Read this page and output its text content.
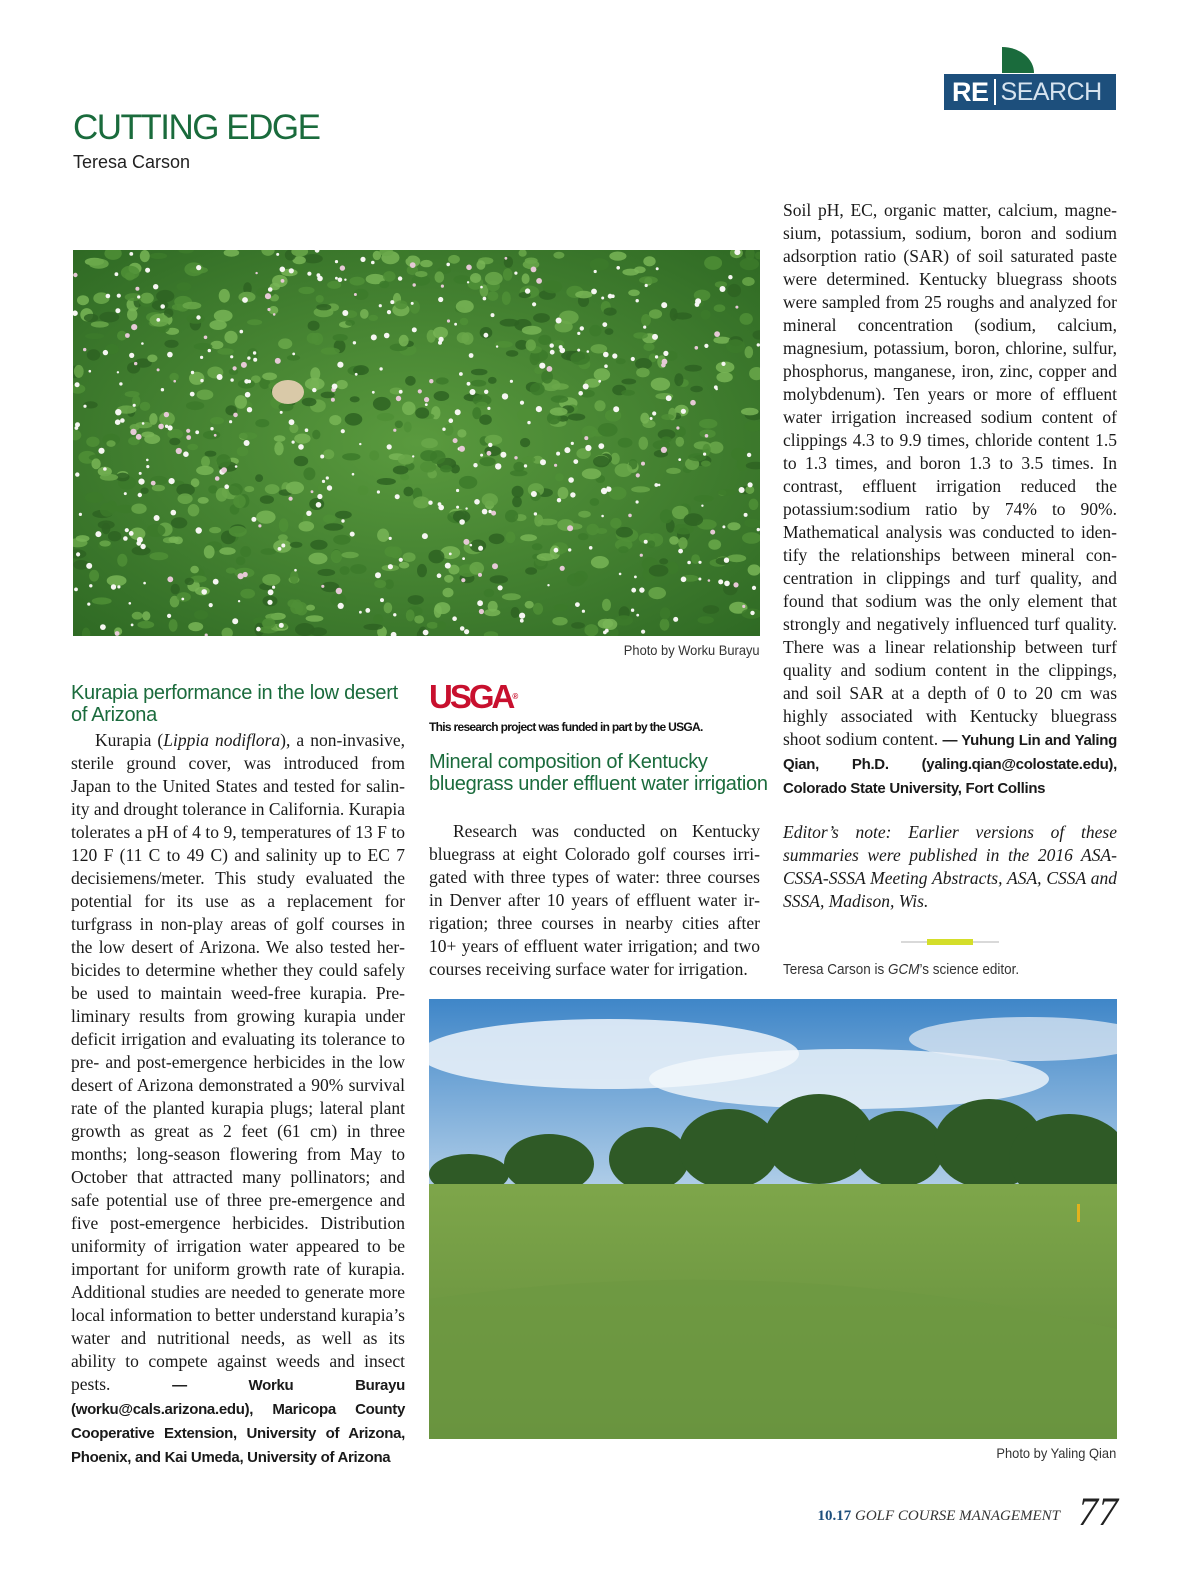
RE SEARCH
CUTTING EDGE
Teresa Carson
Photo by Worku Burayu
Kurapia performance in the low desert of Arizona
Kurapia (Lippia nodiflora), a non-invasive, sterile ground cover, was introduced from Japan to the United States and tested for salinity and drought tolerance in California. Kurapia tolerates a pH of 4 to 9, temperatures of 13 F to 120 F (11 C to 49 C) and salinity up to EC 7 decisiemens/meter. This study evaluated the potential for its use as a replacement for turfgrass in non-play areas of golf courses in the low desert of Arizona. We also tested herbicides to determine whether they could safely be used to maintain weed-free kurapia. Preliminary results from growing kurapia under deficit irrigation and evaluating its tolerance to pre- and post-emergence herbicides in the low desert of Arizona demonstrated a 90% survival rate of the planted kurapia plugs; lateral plant growth as great as 2 feet (61 cm) in three months; long-season flowering from May to October that attracted many pollinators; and safe potential use of three pre-emergence and five post-emergence herbicides. Distribution uniformity of irrigation water appeared to be important for uniform growth rate of kurapia. Additional studies are needed to generate more local information to better understand kurapia’s water and nutritional needs, as well as its ability to compete against weeds and insect pests. — Worku Burayu (worku@cals.arizona.edu), Maricopa County Cooperative Extension, University of Arizona, Phoenix, and Kai Umeda, University of Arizona
USGA®
This research project was funded in part by the USGA.
Mineral composition of Kentucky bluegrass under effluent water irrigation
Research was conducted on Kentucky bluegrass at eight Colorado golf courses irrigated with three types of water: three courses in Denver after 10 years of effluent water irrigation; three courses in nearby cities after 10+ years of effluent water irrigation; and two courses receiving surface water for irrigation.
Soil pH, EC, organic matter, calcium, magnesium, potassium, sodium, boron and sodium adsorption ratio (SAR) of soil saturated paste were determined. Kentucky bluegrass shoots were sampled from 25 roughs and analyzed for mineral concentration (sodium, calcium, magnesium, potassium, boron, chlorine, sulfur, phosphorus, manganese, iron, zinc, copper and molybdenum). Ten years or more of effluent water irrigation increased sodium content of clippings 4.3 to 9.9 times, chloride content 1.5 to 1.3 times, and boron 1.3 to 3.5 times. In contrast, effluent irrigation reduced the potassium:sodium ratio by 74% to 90%. Mathematical analysis was conducted to identify the relationships between mineral concentration in clippings and turf quality, and found that sodium was the only element that strongly and negatively influenced turf quality. There was a linear relationship between turf quality and sodium content in the clippings, and soil SAR at a depth of 0 to 20 cm was highly associated with Kentucky bluegrass shoot sodium content. — Yuhung Lin and Yaling Qian, Ph.D. (yaling.qian@colostate.edu), Colorado State University, Fort Collins
Editor’s note: Earlier versions of these summaries were published in the 2016 ASA-CSSA-SSSA Meeting Abstracts, ASA, CSSA and SSSA, Madison, Wis.
Teresa Carson is GCM’s science editor.
Photo by Yaling Qian
10.17 GOLF COURSE MANAGEMENT 77
